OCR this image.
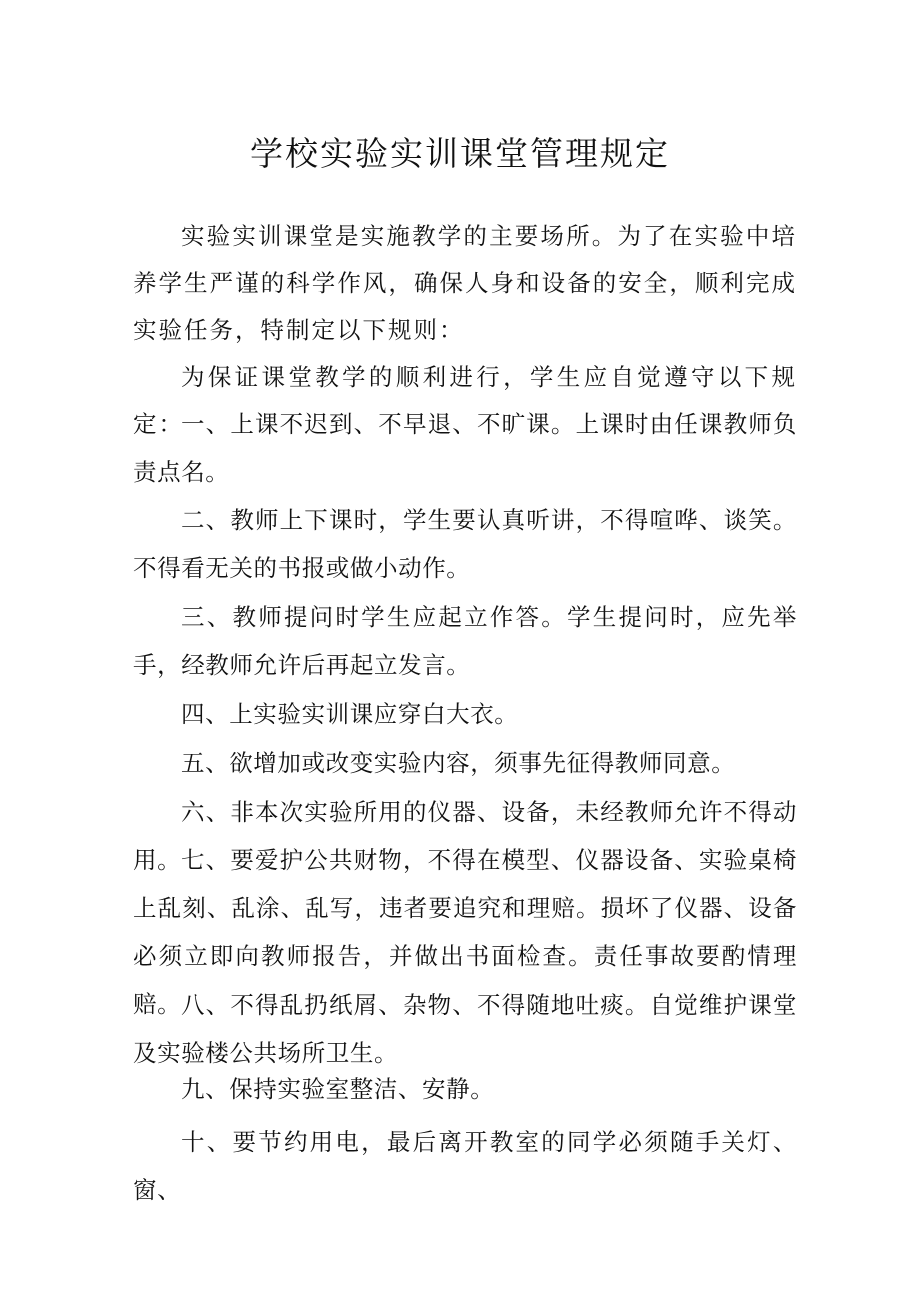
学校实验实训课堂管理规定

实验实训课堂是实施教学的主要场所。为了在实验中培养学生严谨的科学作风，确保人身和设备的安全，顺利完成实验任务，特制定以下规则：

为保证课堂教学的顺利进行，学生应自觉遵守以下规定：

一、上课不迟到、不早退、不旷课。上课时由任课教师负责点名。

二、教师上下课时，学生要认真听讲，不得喧哗、谈笑。不得看无关的书报或做小动作。

三、教师提问时学生应起立作答。学生提问时，应先举手，经教师允许后再起立发言。

四、上实验实训课应穿白大衣。

五、欲增加或改变实验内容，须事先征得教师同意。

六、非本次实验所用的仪器、设备，未经教师允许不得动用。 七、要爱护公共财物，不得在模型、仪器设备、实验桌椅上乱刻、乱涂、乱写，违者要追究和理赔。损坏了仪器、设备必须立即向教师报告，并做出书面检查。责任事故要酌情理赔。 八、不得乱扔纸屑、杂物、不得随地吐痰。自觉维护课堂及实验楼公共场所卫生。

九、保持实验室整洁、安静。

十、要节约用电，最后离开教室的同学必须随手关灯、窗、
